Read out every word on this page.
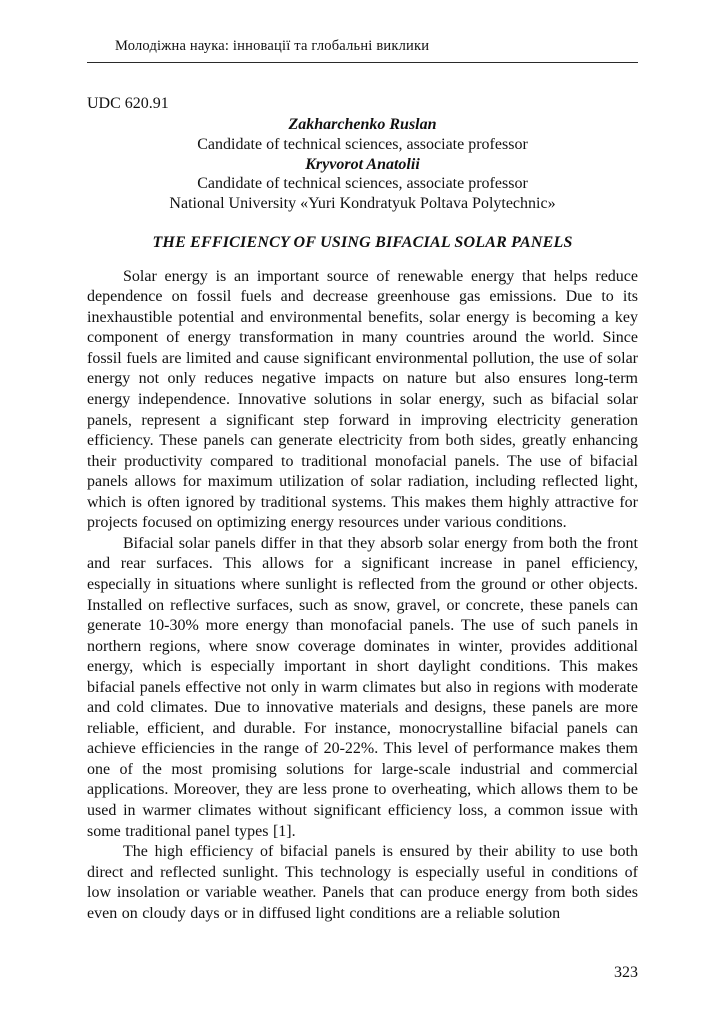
Молодіжна наука: інновації та глобальні виклики
UDC 620.91
Zakharchenko Ruslan
Candidate of technical sciences, associate professor
Kryvorot Anatolii
Candidate of technical sciences, associate professor
National University «Yuri Kondratyuk Poltava Polytechnic»
THE EFFICIENCY OF USING BIFACIAL SOLAR PANELS

Solar energy is an important source of renewable energy that helps reduce dependence on fossil fuels and decrease greenhouse gas emissions. Due to its inexhaustible potential and environmental benefits, solar energy is becoming a key component of energy transformation in many countries around the world. Since fossil fuels are limited and cause significant environmental pollution, the use of solar energy not only reduces negative impacts on nature but also ensures long-term energy independence. Innovative solutions in solar energy, such as bifacial solar panels, represent a significant step forward in improving electricity generation efficiency. These panels can generate electricity from both sides, greatly enhancing their productivity compared to traditional monofacial panels. The use of bifacial panels allows for maximum utilization of solar radiation, including reflected light, which is often ignored by traditional systems. This makes them highly attractive for projects focused on optimizing energy resources under various conditions.

Bifacial solar panels differ in that they absorb solar energy from both the front and rear surfaces. This allows for a significant increase in panel efficiency, especially in situations where sunlight is reflected from the ground or other objects. Installed on reflective surfaces, such as snow, gravel, or concrete, these panels can generate 10-30% more energy than monofacial panels. The use of such panels in northern regions, where snow coverage dominates in winter, provides additional energy, which is especially important in short daylight conditions. This makes bifacial panels effective not only in warm climates but also in regions with moderate and cold climates. Due to innovative materials and designs, these panels are more reliable, efficient, and durable. For instance, monocrystalline bifacial panels can achieve efficiencies in the range of 20-22%. This level of performance makes them one of the most promising solutions for large-scale industrial and commercial applications. Moreover, they are less prone to overheating, which allows them to be used in warmer climates without significant efficiency loss, a common issue with some traditional panel types [1].

The high efficiency of bifacial panels is ensured by their ability to use both direct and reflected sunlight. This technology is especially useful in conditions of low insolation or variable weather. Panels that can produce energy from both sides even on cloudy days or in diffused light conditions are a reliable solution

323
